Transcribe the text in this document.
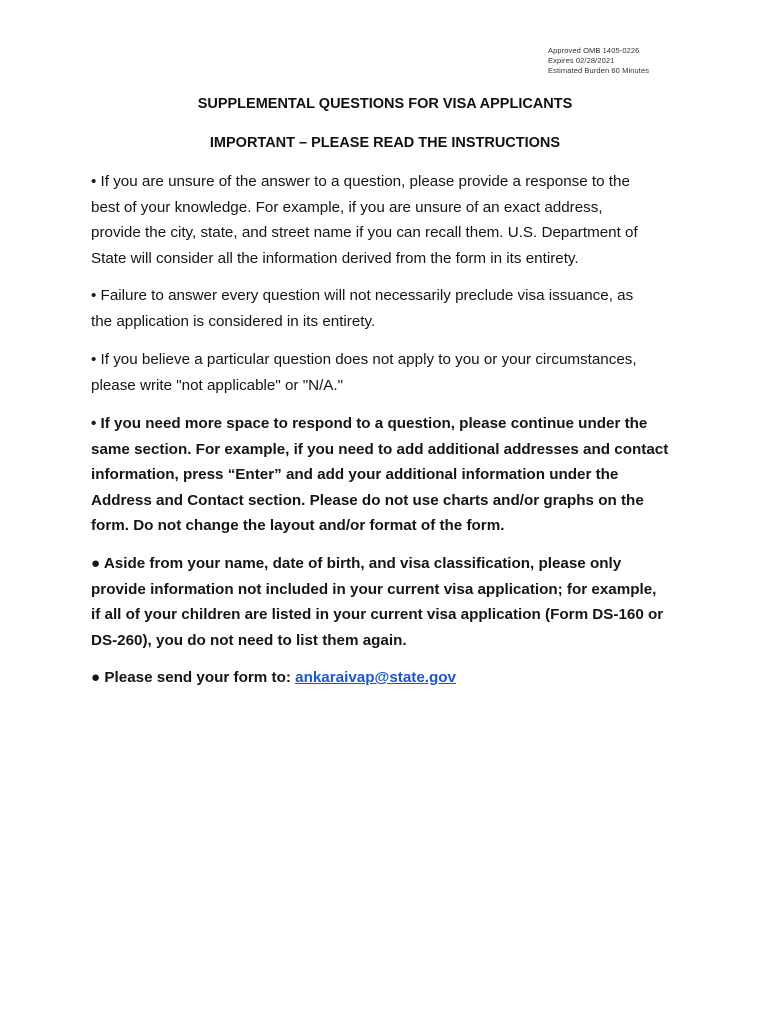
Approved OMB 1405-0226
Expires 02/28/2021
Estimated Burden 60 Minutes
SUPPLEMENTAL QUESTIONS FOR VISA APPLICANTS
IMPORTANT – PLEASE READ THE INSTRUCTIONS
• If you are unsure of the answer to a question, please provide a response to the
best of your knowledge. For example, if you are unsure of an exact address,
provide the city, state, and street name if you can recall them. U.S. Department of
State will consider all the information derived from the form in its entirety.
• Failure to answer every question will not necessarily preclude visa issuance, as
the application is considered in its entirety.
• If you believe a particular question does not apply to you or your circumstances,
please write "not applicable" or "N/A."
• If you need more space to respond to a question, please continue under the
same section. For example, if you need to add additional addresses and contact
information, press “Enter” and add your additional information under the
Address and Contact section. Please do not use charts and/or graphs on the
form. Do not change the layout and/or format of the form.
● Aside from your name, date of birth, and visa classification, please only
provide information not included in your current visa application; for example,
if all of your children are listed in your current visa application (Form DS-160 or
DS-260), you do not need to list them again.
● Please send your form to: ankaraivap@state.gov
